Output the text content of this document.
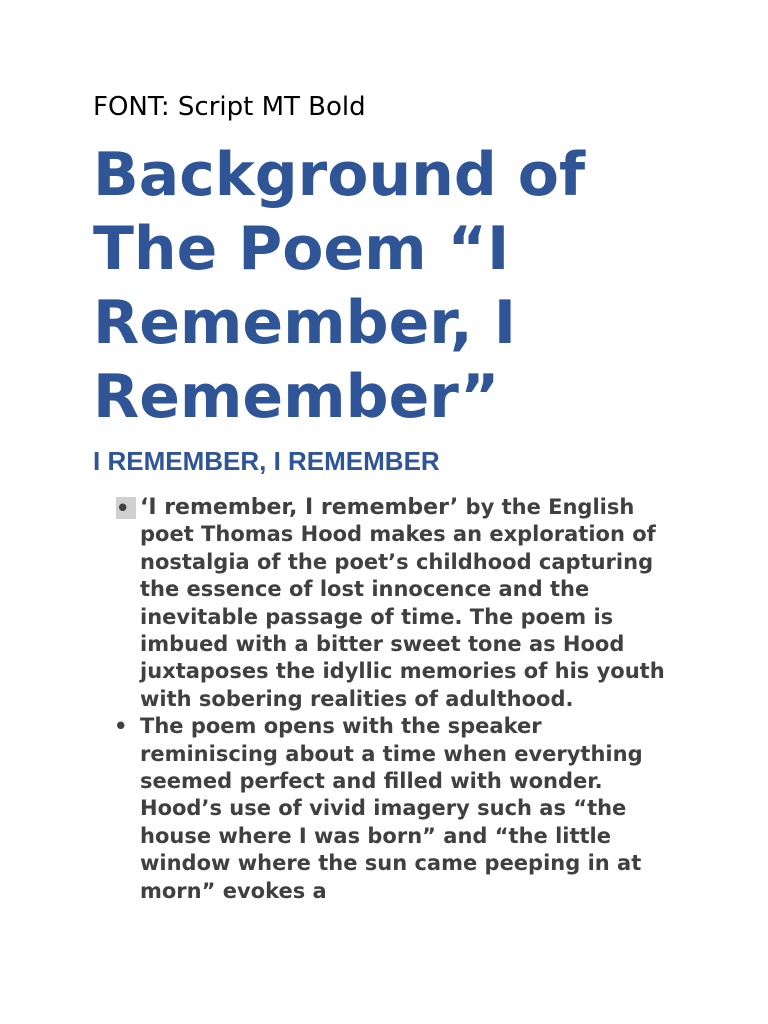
FONT: Script MT Bold
Background of The Poem “I Remember, I Remember”
I REMEMBER, I REMEMBER
• ‘I remember, I remember’ by the English poet Thomas Hood makes an exploration of nostalgia of the poet’s childhood capturing the essence of lost innocence and the inevitable passage of time. The poem is imbued with a bitter sweet tone as Hood juxtaposes the idyllic memories of his youth with sobering realities of adulthood.
• The poem opens with the speaker reminiscing about a time when everything seemed perfect and filled with wonder. Hood’s use of vivid imagery such as “the house where I was born” and “the little window where the sun came peeping in at morn” evokes a
